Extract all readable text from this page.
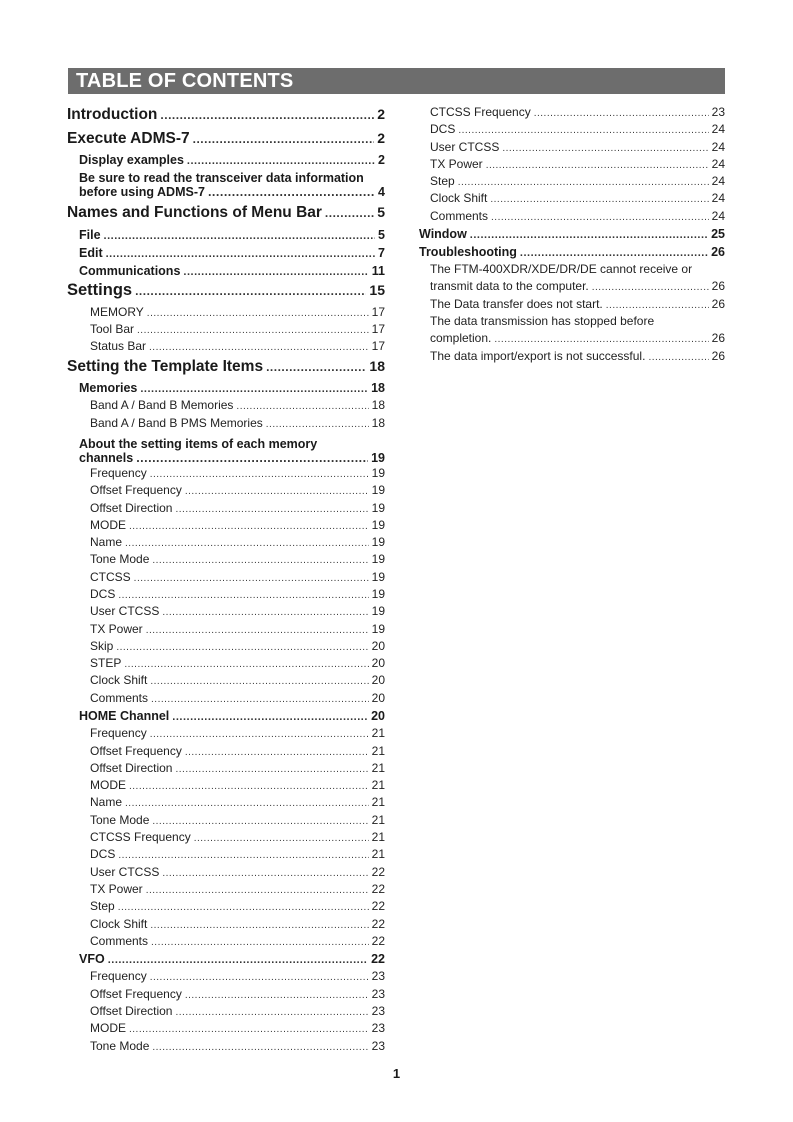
TABLE OF CONTENTS
Introduction .....	2
Execute ADMS-7 .....	2
Display examples .....	2
Be sure to read the transceiver data information
before using ADMS-7 .....	4
Names and Functions of Menu Bar .....	5
File .....	5
Edit .....	7
Communications .....	11
Settings .....	15
MEMORY .....	17
Tool Bar .....	17
Status Bar .....	17
Setting the Template Items .....	18
Memories .....	18
Band A / Band B Memories .....	18
Band A / Band B PMS Memories .....	18
About the setting items of each memory
channels .....	19
Frequency .....	19
Offset Frequency .....	19
Offset Direction .....	19
MODE .....	19
Name .....	19
Tone Mode .....	19
CTCSS .....	19
DCS .....	19
User CTCSS .....	19
TX Power .....	19
Skip .....	20
STEP .....	20
Clock Shift .....	20
Comments .....	20
HOME Channel .....	20
Frequency .....	21
Offset Frequency .....	21
Offset Direction .....	21
MODE .....	21
Name .....	21
Tone Mode .....	21
CTCSS Frequency .....	21
DCS .....	21
User CTCSS .....	22
TX Power .....	22
Step .....	22
Clock Shift .....	22
Comments .....	22
VFO .....	22
Frequency .....	23
Offset Frequency .....	23
Offset Direction .....	23
MODE .....	23
Tone Mode .....	23
CTCSS Frequency .....	23
DCS .....	24
User CTCSS .....	24
TX Power .....	24
Step .....	24
Clock Shift .....	24
Comments .....	24
Window .....	25
Troubleshooting .....	26
The FTM-400XDR/XDE/DR/DE cannot receive or
transmit data to the computer. .....	26
The Data transfer does not start. .....	26
The data transmission has stopped before
completion. .....	26
The data import/export is not successful. .....	26
1
